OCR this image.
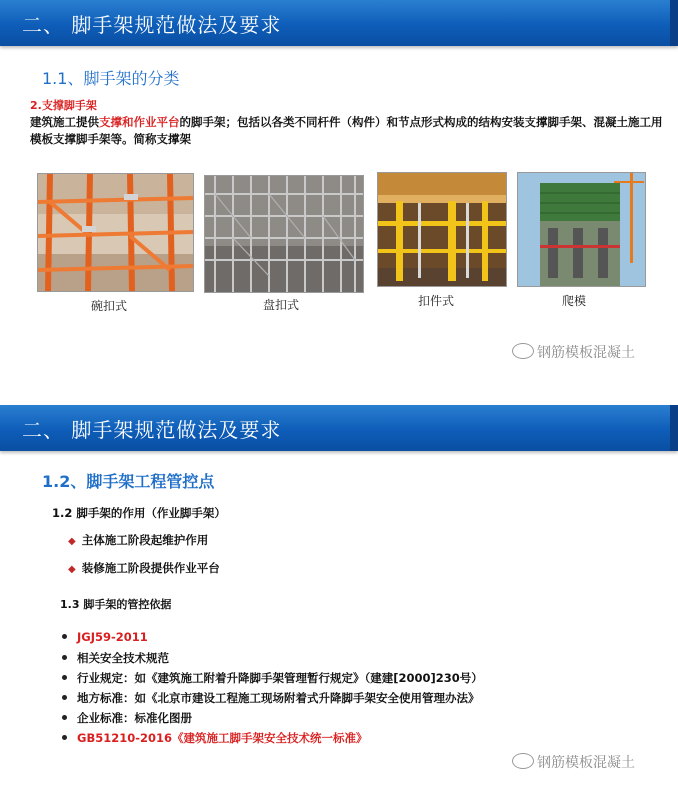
二、 脚手架规范做法及要求
1.1、脚手架的分类
2.支撑脚手架
建筑施工提供支撑和作业平台的脚手架；包括以各类不同杆件（构件）和节点形式构成的结构安装支撑脚手架、混凝土施工用模板支撑脚手架等。简称支撑架
碗扣式	盘扣式	扣件式	爬模
钢筋模板混凝土
二、 脚手架规范做法及要求
1.2、脚手架工程管控点
1.2 脚手架的作用（作业脚手架）
◆ 主体施工阶段起维护作用
◆ 装修施工阶段提供作业平台
1.3 脚手架的管控依据
JGJ59-2011
相关安全技术规范
行业规定：如《建筑施工附着升降脚手架管理暂行规定》（建建[2000]230号）
地方标准：如《北京市建设工程施工现场附着式升降脚手架安全使用管理办法》
企业标准：标准化图册
GB51210-2016《建筑施工脚手架安全技术统一标准》
钢筋模板混凝土
